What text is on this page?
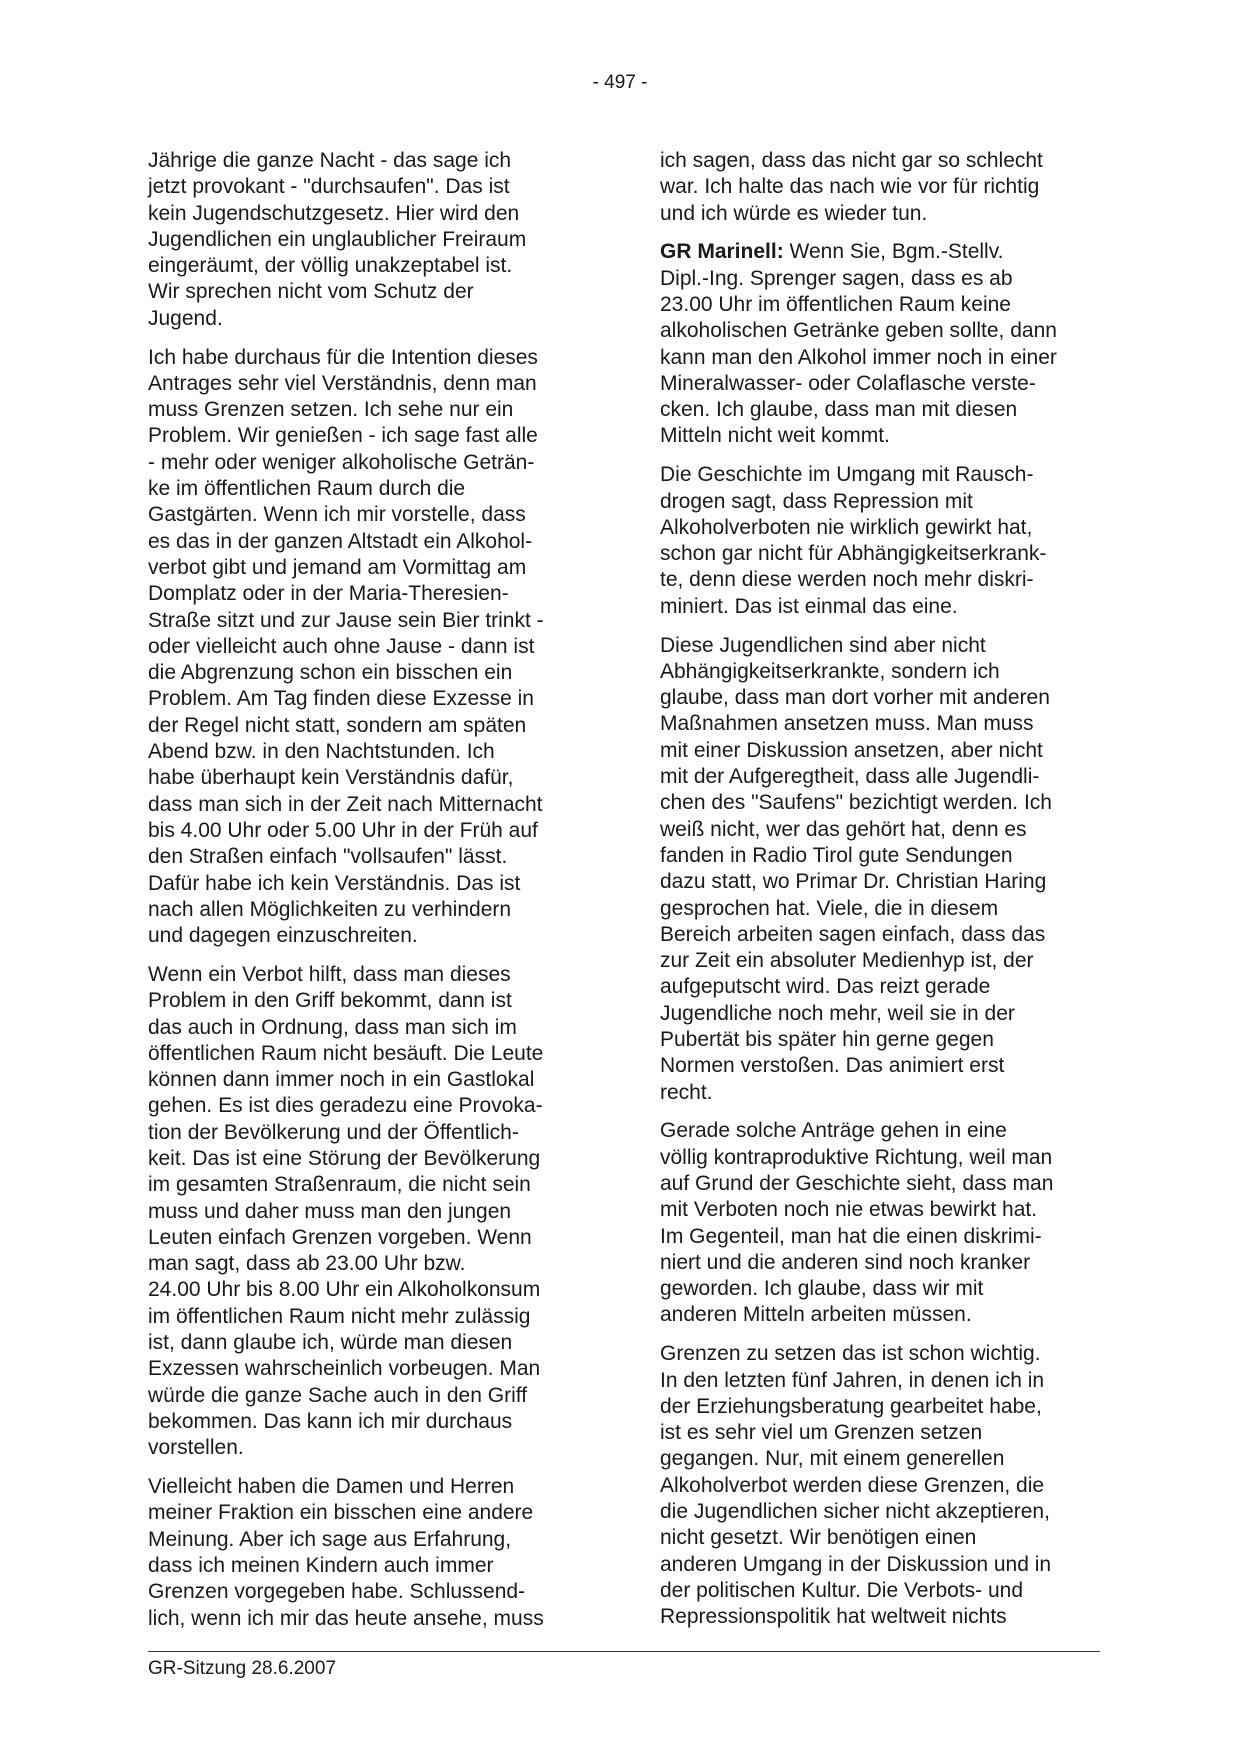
- 497 -

Jährige die ganze Nacht - das sage ich
jetzt provokant - "durchsaufen". Das ist
kein Jugendschutzgesetz. Hier wird den
Jugendlichen ein unglaublicher Freiraum
eingeräumt, der völlig unakzeptabel ist.
Wir sprechen nicht vom Schutz der
Jugend.

Ich habe durchaus für die Intention dieses
Antrages sehr viel Verständnis, denn man
muss Grenzen setzen. Ich sehe nur ein
Problem. Wir genießen - ich sage fast alle
- mehr oder weniger alkoholische Geträn-
ke im öffentlichen Raum durch die
Gastgärten. Wenn ich mir vorstelle, dass
es das in der ganzen Altstadt ein Alkohol-
verbot gibt und jemand am Vormittag am
Domplatz oder in der Maria-Theresien-
Straße sitzt und zur Jause sein Bier trinkt -
oder vielleicht auch ohne Jause - dann ist
die Abgrenzung schon ein bisschen ein
Problem. Am Tag finden diese Exzesse in
der Regel nicht statt, sondern am späten
Abend bzw. in den Nachtstunden. Ich
habe überhaupt kein Verständnis dafür,
dass man sich in der Zeit nach Mitternacht
bis 4.00 Uhr oder 5.00 Uhr in der Früh auf
den Straßen einfach "vollsaufen" lässt.
Dafür habe ich kein Verständnis. Das ist
nach allen Möglichkeiten zu verhindern
und dagegen einzuschreiten.

Wenn ein Verbot hilft, dass man dieses
Problem in den Griff bekommt, dann ist
das auch in Ordnung, dass man sich im
öffentlichen Raum nicht besäuft. Die Leute
können dann immer noch in ein Gastlokal
gehen. Es ist dies geradezu eine Provoka-
tion der Bevölkerung und der Öffentlich-
keit. Das ist eine Störung der Bevölkerung
im gesamten Straßenraum, die nicht sein
muss und daher muss man den jungen
Leuten einfach Grenzen vorgeben. Wenn
man sagt, dass ab 23.00 Uhr bzw.
24.00 Uhr bis 8.00 Uhr ein Alkoholkonsum
im öffentlichen Raum nicht mehr zulässig
ist, dann glaube ich, würde man diesen
Exzessen wahrscheinlich vorbeugen. Man
würde die ganze Sache auch in den Griff
bekommen. Das kann ich mir durchaus
vorstellen.

Vielleicht haben die Damen und Herren
meiner Fraktion ein bisschen eine andere
Meinung. Aber ich sage aus Erfahrung,
dass ich meinen Kindern auch immer
Grenzen vorgegeben habe. Schlussend-
lich, wenn ich mir das heute ansehe, muss

ich sagen, dass das nicht gar so schlecht
war. Ich halte das nach wie vor für richtig
und ich würde es wieder tun.

GR Marinell: Wenn Sie, Bgm.-Stellv.
Dipl.-Ing. Sprenger sagen, dass es ab
23.00 Uhr im öffentlichen Raum keine
alkoholischen Getränke geben sollte, dann
kann man den Alkohol immer noch in einer
Mineralwasser- oder Colaflasche verste-
cken. Ich glaube, dass man mit diesen
Mitteln nicht weit kommt.

Die Geschichte im Umgang mit Rausch-
drogen sagt, dass Repression mit
Alkoholverboten nie wirklich gewirkt hat,
schon gar nicht für Abhängigkeitserkrank-
te, denn diese werden noch mehr diskri-
miniert. Das ist einmal das eine.

Diese Jugendlichen sind aber nicht
Abhängigkeitserkrankte, sondern ich
glaube, dass man dort vorher mit anderen
Maßnahmen ansetzen muss. Man muss
mit einer Diskussion ansetzen, aber nicht
mit der Aufgeregtheit, dass alle Jugendli-
chen des "Saufens" bezichtigt werden. Ich
weiß nicht, wer das gehört hat, denn es
fanden in Radio Tirol gute Sendungen
dazu statt, wo Primar Dr. Christian Haring
gesprochen hat. Viele, die in diesem
Bereich arbeiten sagen einfach, dass das
zur Zeit ein absoluter Medienhyp ist, der
aufgeputscht wird. Das reizt gerade
Jugendliche noch mehr, weil sie in der
Pubertät bis später hin gerne gegen
Normen verstoßen. Das animiert erst
recht.

Gerade solche Anträge gehen in eine
völlig kontraproduktive Richtung, weil man
auf Grund der Geschichte sieht, dass man
mit Verboten noch nie etwas bewirkt hat.
Im Gegenteil, man hat die einen diskrimi-
niert und die anderen sind noch kranker
geworden. Ich glaube, dass wir mit
anderen Mitteln arbeiten müssen.

Grenzen zu setzen das ist schon wichtig.
In den letzten fünf Jahren, in denen ich in
der Erziehungsberatung gearbeitet habe,
ist es sehr viel um Grenzen setzen
gegangen. Nur, mit einem generellen
Alkoholverbot werden diese Grenzen, die
die Jugendlichen sicher nicht akzeptieren,
nicht gesetzt. Wir benötigen einen
anderen Umgang in der Diskussion und in
der politischen Kultur. Die Verbots- und
Repressionspolitik hat weltweit nichts

GR-Sitzung 28.6.2007
